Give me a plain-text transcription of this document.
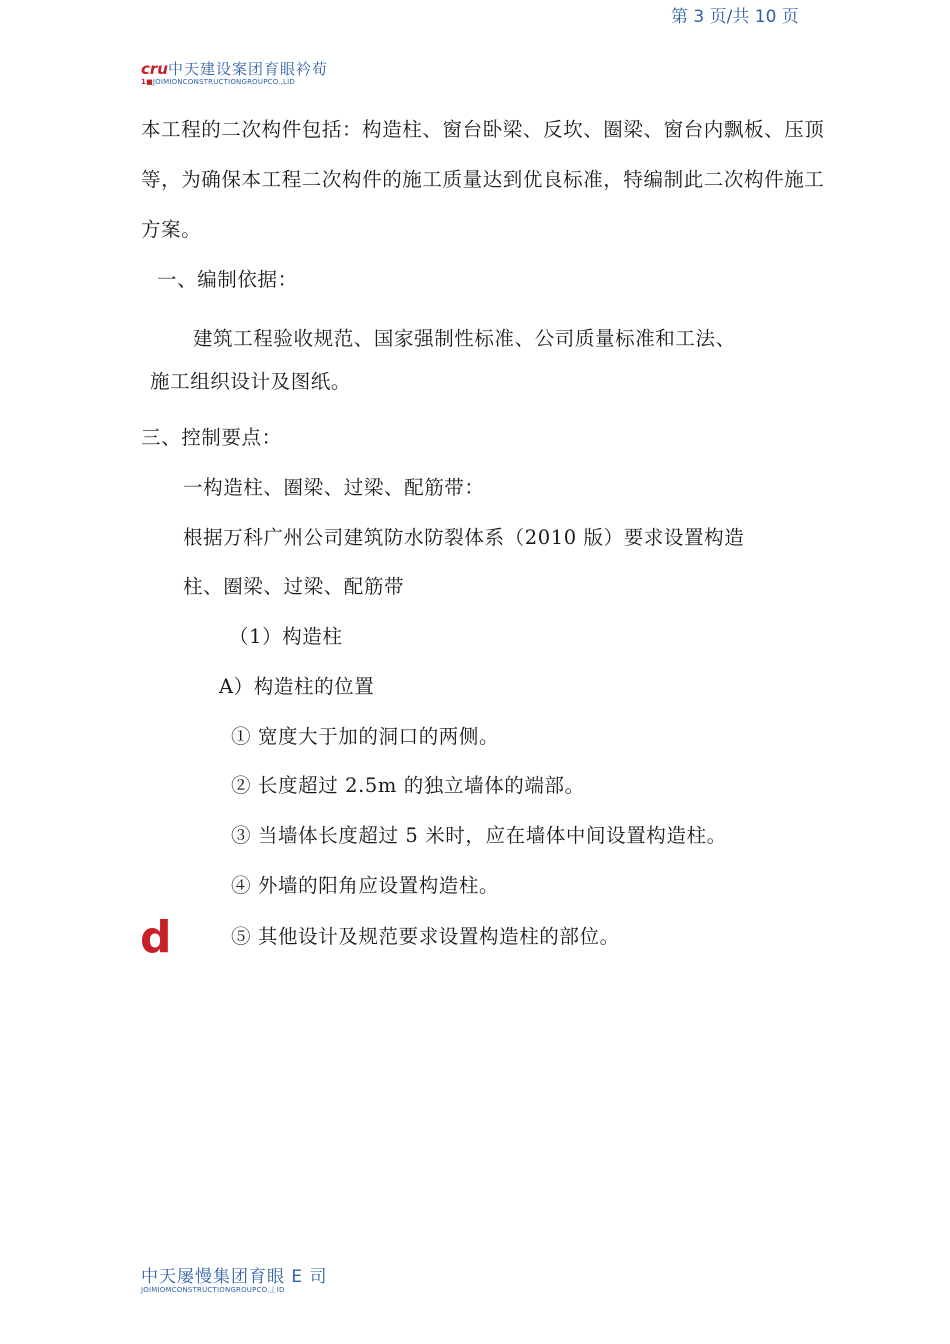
第 3 页/共 10 页
cru中天建设案团育眼衿荀
1■JOIMIONCONSTRUCTIONGROUPCO.,LID
本工程的二次构件包括：构造柱、窗台卧梁、反坎、圈梁、窗台内飘板、压顶
等，为确保本工程二次构件的施工质量达到优良标准，特编制此二次构件施工
方案。
一、编制依据：
建筑工程验收规范、国家强制性标准、公司质量标准和工法、
施工组织设计及图纸。
三、控制要点：
一构造柱、圈梁、过梁、配筋带：
根据万科广州公司建筑防水防裂体系（2010 版）要求设置构造
柱、圈梁、过梁、配筋带
（1）构造柱
A）构造柱的位置
① 宽度大于加的洞口的两侧。
② 长度超过 2.5m 的独立墙体的端部。
③ 当墙体长度超过 5 米时，应在墙体中间设置构造柱。
④ 外墙的阳角应设置构造柱。
⑤ 其他设计及规范要求设置构造柱的部位。
d
中天屡慢集团育眼 E 司
JOIMIOMCONSTRUCTIONGROUPCO.丄ID
